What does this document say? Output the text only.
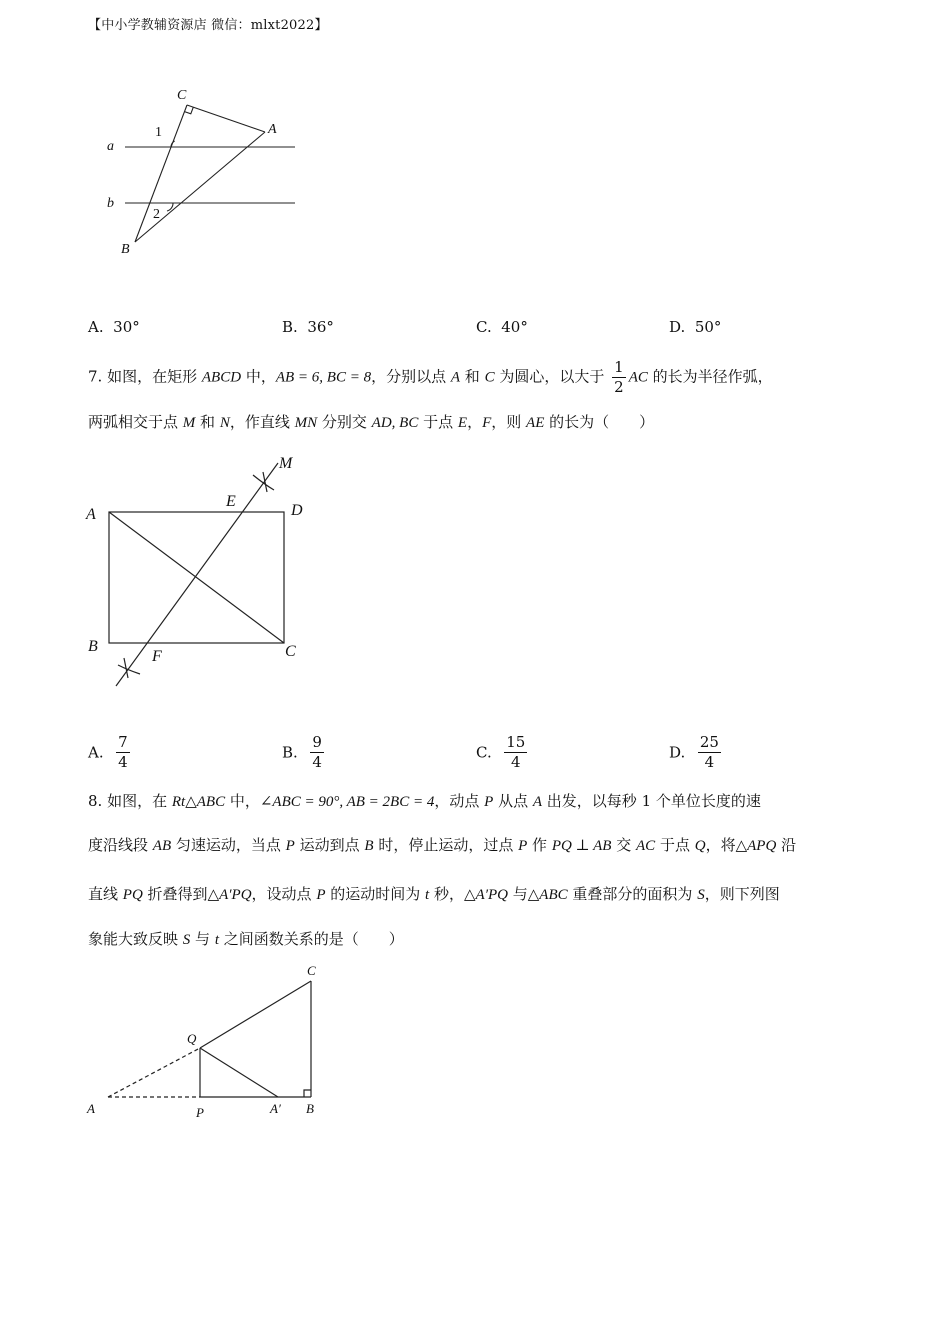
【中小学教辅资源店 微信：mlxt2022】
C
A
a
b
B
1
2
A. 30°	B. 36°	C. 40°	D. 50°
7. 如图，在矩形 ABCD 中，AB = 6, BC = 8，分别以点 A 和 C 为圆心，以大于 $\frac{1}{2}$ AC 的长为半径作弧，
两弧相交于点 M 和 N，作直线 MN 分别交 AD, BC 于点 E，F，则 AE 的长为（　　）
M
E
D
A
B
F	C
A. $\frac{7}{4}$	B. $\frac{9}{4}$	C. $\frac{15}{4}$	D. $\frac{25}{4}$
8. 如图，在 Rt△ABC 中，∠ABC = 90°, AB = 2BC = 4，动点 P 从点 A 出发，以每秒 1 个单位长度的速
度沿线段 AB 匀速运动，当点 P 运动到点 B 时，停止运动，过点 P 作 PQ ⊥ AB 交 AC 于点 Q，将△APQ 沿
直线 PQ 折叠得到△A′PQ，设动点 P 的运动时间为 t 秒，△A′PQ 与△ABC 重叠部分的面积为 S，则下列图
象能大致反映 S 与 t 之间函数关系的是（　　）
C
Q
A	P	A′ B
